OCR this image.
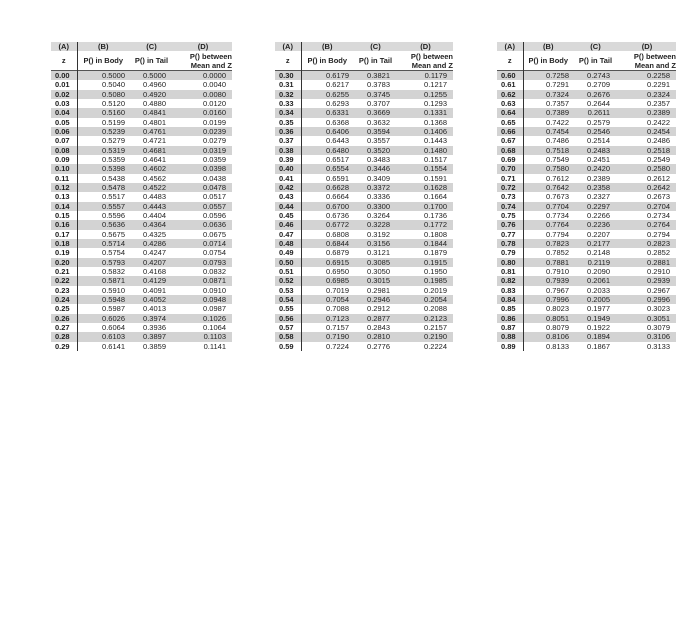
(A)	(B)	(C)	(D)
z	P() in Body	P() in Tail	P() between
Mean and Z
0.00	0.5000	0.5000	0.0000
0.01	0.5040	0.4960	0.0040
0.02	0.5080	0.4920	0.0080
0.03	0.5120	0.4880	0.0120
0.04	0.5160	0.4841	0.0160
0.05	0.5199	0.4801	0.0199
0.06	0.5239	0.4761	0.0239
0.07	0.5279	0.4721	0.0279
0.08	0.5319	0.4681	0.0319
0.09	0.5359	0.4641	0.0359
0.10	0.5398	0.4602	0.0398
0.11	0.5438	0.4562	0.0438
0.12	0.5478	0.4522	0.0478
0.13	0.5517	0.4483	0.0517
0.14	0.5557	0.4443	0.0557
0.15	0.5596	0.4404	0.0596
0.16	0.5636	0.4364	0.0636
0.17	0.5675	0.4325	0.0675
0.18	0.5714	0.4286	0.0714
0.19	0.5754	0.4247	0.0754
0.20	0.5793	0.4207	0.0793
0.21	0.5832	0.4168	0.0832
0.22	0.5871	0.4129	0.0871
0.23	0.5910	0.4091	0.0910
0.24	0.5948	0.4052	0.0948
0.25	0.5987	0.4013	0.0987
0.26	0.6026	0.3974	0.1026
0.27	0.6064	0.3936	0.1064
0.28	0.6103	0.3897	0.1103
0.29	0.6141	0.3859	0.1141
(A)	(B)	(C)	(D)
z	P() in Body	P() in Tail	P() between
Mean and Z
0.30	0.6179	0.3821	0.1179
0.31	0.6217	0.3783	0.1217
0.32	0.6255	0.3745	0.1255
0.33	0.6293	0.3707	0.1293
0.34	0.6331	0.3669	0.1331
0.35	0.6368	0.3632	0.1368
0.36	0.6406	0.3594	0.1406
0.37	0.6443	0.3557	0.1443
0.38	0.6480	0.3520	0.1480
0.39	0.6517	0.3483	0.1517
0.40	0.6554	0.3446	0.1554
0.41	0.6591	0.3409	0.1591
0.42	0.6628	0.3372	0.1628
0.43	0.6664	0.3336	0.1664
0.44	0.6700	0.3300	0.1700
0.45	0.6736	0.3264	0.1736
0.46	0.6772	0.3228	0.1772
0.47	0.6808	0.3192	0.1808
0.48	0.6844	0.3156	0.1844
0.49	0.6879	0.3121	0.1879
0.50	0.6915	0.3085	0.1915
0.51	0.6950	0.3050	0.1950
0.52	0.6985	0.3015	0.1985
0.53	0.7019	0.2981	0.2019
0.54	0.7054	0.2946	0.2054
0.55	0.7088	0.2912	0.2088
0.56	0.7123	0.2877	0.2123
0.57	0.7157	0.2843	0.2157
0.58	0.7190	0.2810	0.2190
0.59	0.7224	0.2776	0.2224
(A)	(B)	(C)	(D)
z	P() in Body	P() in Tail	P() between
Mean and Z
0.60	0.7258	0.2743	0.2258
0.61	0.7291	0.2709	0.2291
0.62	0.7324	0.2676	0.2324
0.63	0.7357	0.2644	0.2357
0.64	0.7389	0.2611	0.2389
0.65	0.7422	0.2579	0.2422
0.66	0.7454	0.2546	0.2454
0.67	0.7486	0.2514	0.2486
0.68	0.7518	0.2483	0.2518
0.69	0.7549	0.2451	0.2549
0.70	0.7580	0.2420	0.2580
0.71	0.7612	0.2389	0.2612
0.72	0.7642	0.2358	0.2642
0.73	0.7673	0.2327	0.2673
0.74	0.7704	0.2297	0.2704
0.75	0.7734	0.2266	0.2734
0.76	0.7764	0.2236	0.2764
0.77	0.7794	0.2207	0.2794
0.78	0.7823	0.2177	0.2823
0.79	0.7852	0.2148	0.2852
0.80	0.7881	0.2119	0.2881
0.81	0.7910	0.2090	0.2910
0.82	0.7939	0.2061	0.2939
0.83	0.7967	0.2033	0.2967
0.84	0.7996	0.2005	0.2996
0.85	0.8023	0.1977	0.3023
0.86	0.8051	0.1949	0.3051
0.87	0.8079	0.1922	0.3079
0.88	0.8106	0.1894	0.3106
0.89	0.8133	0.1867	0.3133
